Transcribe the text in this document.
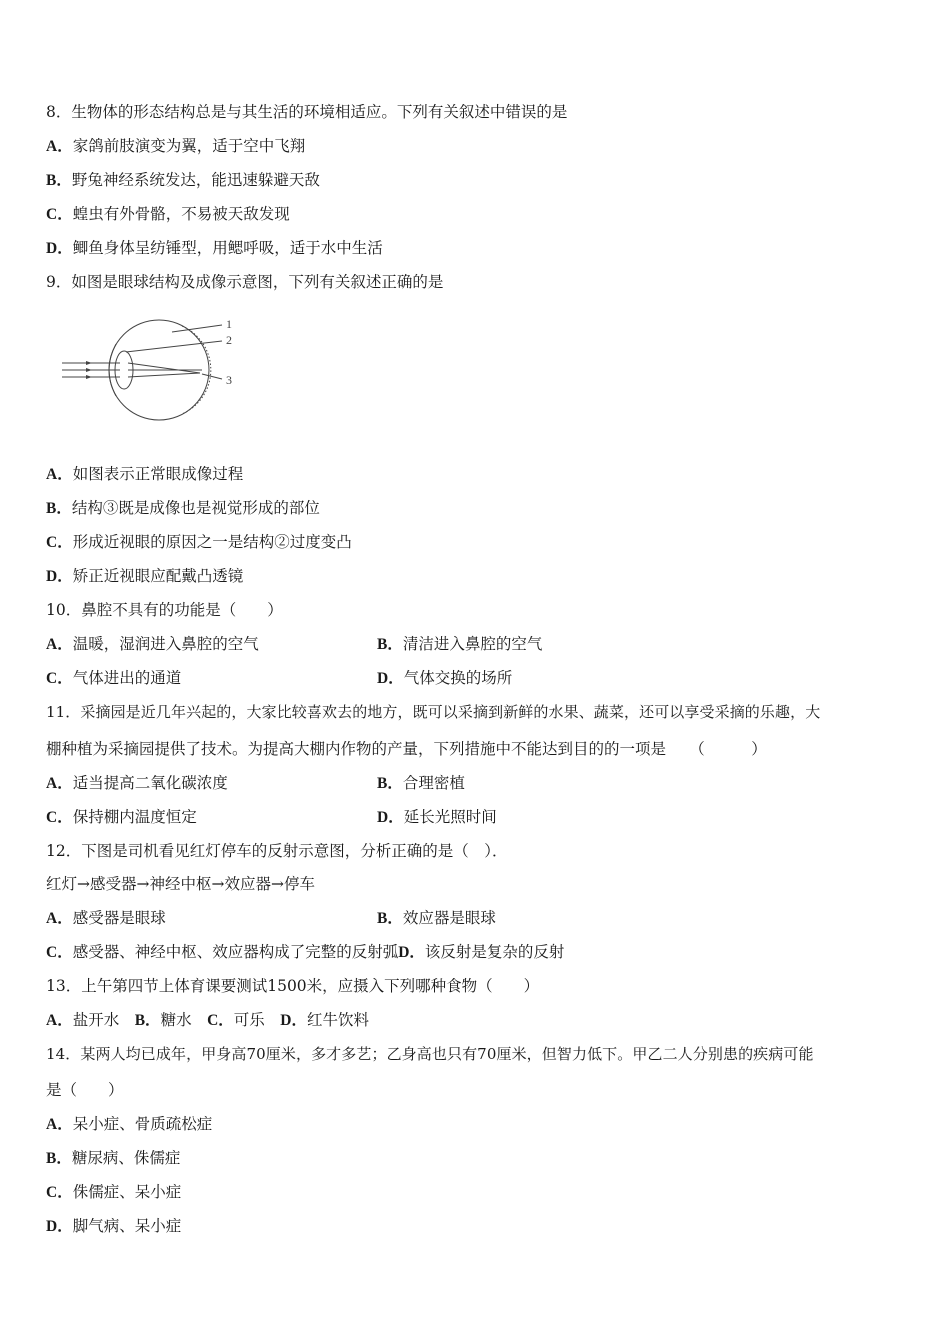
8．生物体的形态结构总是与其生活的环境相适应。下列有关叙述中错误的是
A．家鸽前肢演变为翼，适于空中飞翔
B．野兔神经系统发达，能迅速躲避天敌
C．蝗虫有外骨骼，不易被天敌发现
D．鲫鱼身体呈纺锤型，用鳃呼吸，适于水中生活
9．如图是眼球结构及成像示意图，下列有关叙述正确的是
1
2
3
A．如图表示正常眼成像过程
B．结构③既是成像也是视觉形成的部位
C．形成近视眼的原因之一是结构②过度变凸
D．矫正近视眼应配戴凸透镜
10．鼻腔不具有的功能是（　　）
A．温暖，湿润进入鼻腔的空气	B．清洁进入鼻腔的空气
C．气体进出的通道	D．气体交换的场所
11．采摘园是近几年兴起的，大家比较喜欢去的地方，既可以采摘到新鲜的水果、蔬菜，还可以享受采摘的乐趣，大
棚种植为采摘园提供了技术。为提高大棚内作物的产量，下列措施中不能达到目的的一项是　　（　　　）
A．适当提高二氧化碳浓度	B．合理密植
C．保持棚内温度恒定	D．延长光照时间
12．下图是司机看见红灯停车的反射示意图，分析正确的是（　）．
红灯→感受器→神经中枢→效应器→停车
A．感受器是眼球	B．效应器是眼球
C．感受器、神经中枢、效应器构成了完整的反射弧D．该反射是复杂的反射
13．上午第四节上体育课要测试1500米，应摄入下列哪种食物（　　）
A．盐开水　B．糖水　C．可乐　D．红牛饮料
14．某两人均已成年，甲身高70厘米，多才多艺；乙身高也只有70厘米，但智力低下。甲乙二人分别患的疾病可能
是（　　）
A．呆小症、骨质疏松症
B．糖尿病、侏儒症
C．侏儒症、呆小症
D．脚气病、呆小症
